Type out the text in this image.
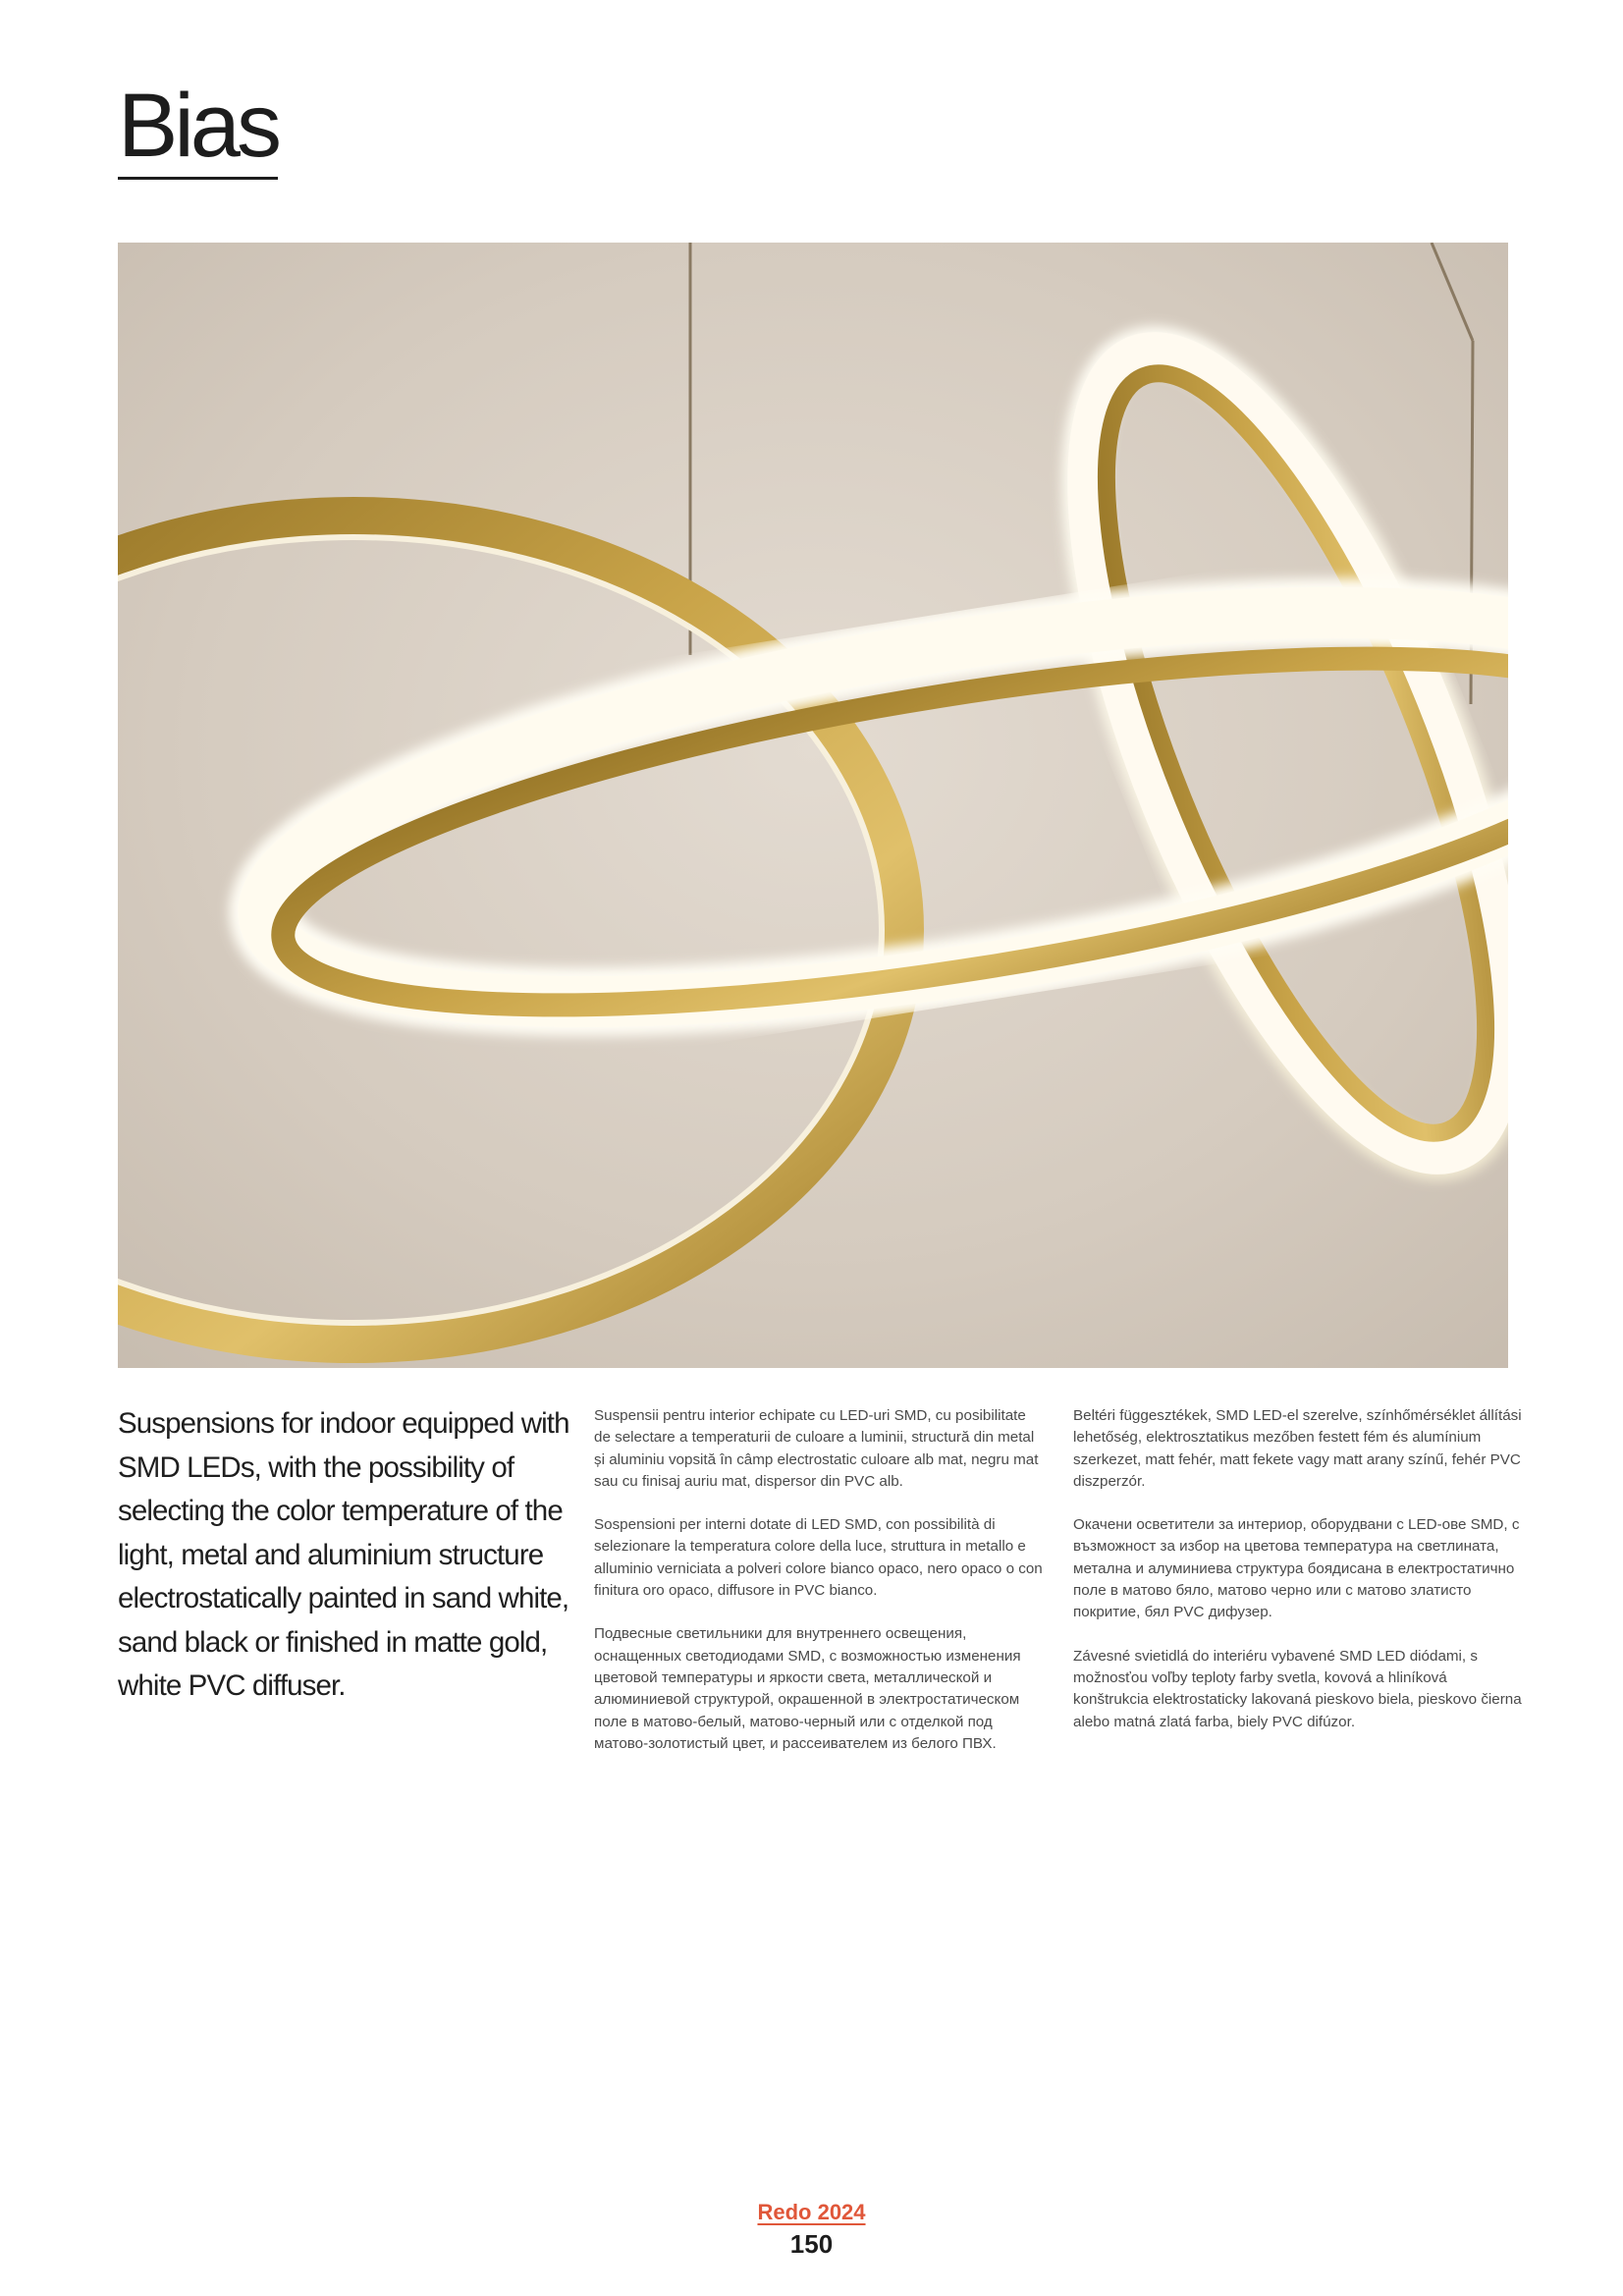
Bias

Suspensions for indoor equipped with SMD LEDs, with the possibility of selecting the color temperature of the light, metal and aluminium structure electrostatically painted in sand white, sand black or finished in matte gold, white PVC diffuser.

Suspensii pentru interior echipate cu LED-uri SMD, cu posibilitate de selectare a temperaturii de culoare a luminii, structură din metal și aluminiu vopsită în câmp electrostatic culoare alb mat, negru mat sau cu finisaj auriu mat, dispersor din PVC alb.

Sospensioni per interni dotate di LED SMD, con possibilità di selezionare la temperatura colore della luce, struttura in metallo e alluminio verniciata a polveri colore bianco opaco, nero opaco o con finitura oro opaco, diffusore in PVC bianco.

Подвесные светильники для внутреннего освещения, оснащенных светодиодами SMD, с возможностью изменения цветовой температуры и яркости света, металлической и алюминиевой структурой, окрашенной в электростатическом поле в матово-белый, матово-черный или с отделкой под матово-золотистый цвет, и рассеивателем из белого ПВХ.

Beltéri függesztékek, SMD LED-el szerelve, színhőmérséklet állítási lehetőség, elektrosztatikus mezőben festett fém és alumínium szerkezet, matt fehér, matt fekete vagy matt arany színű, fehér PVC diszperzór.

Окачени осветители за интериор, оборудвани с LED-ове SMD, с възможност за избор на цветова температура на светлината, метална и алуминиева структура боядисана в електростатично поле в матово бяло, матово черно или с матово златисто покритие, бял PVC дифузер.

Závesné svietidlá do interiéru vybavené SMD LED diódami, s možnosťou voľby teploty farby svetla, kovová a hliníková konštrukcia elektrostaticky lakovaná pieskovo biela, pieskovo čierna alebo matná zlatá farba, biely PVC difúzor.

Redo 2024
150
